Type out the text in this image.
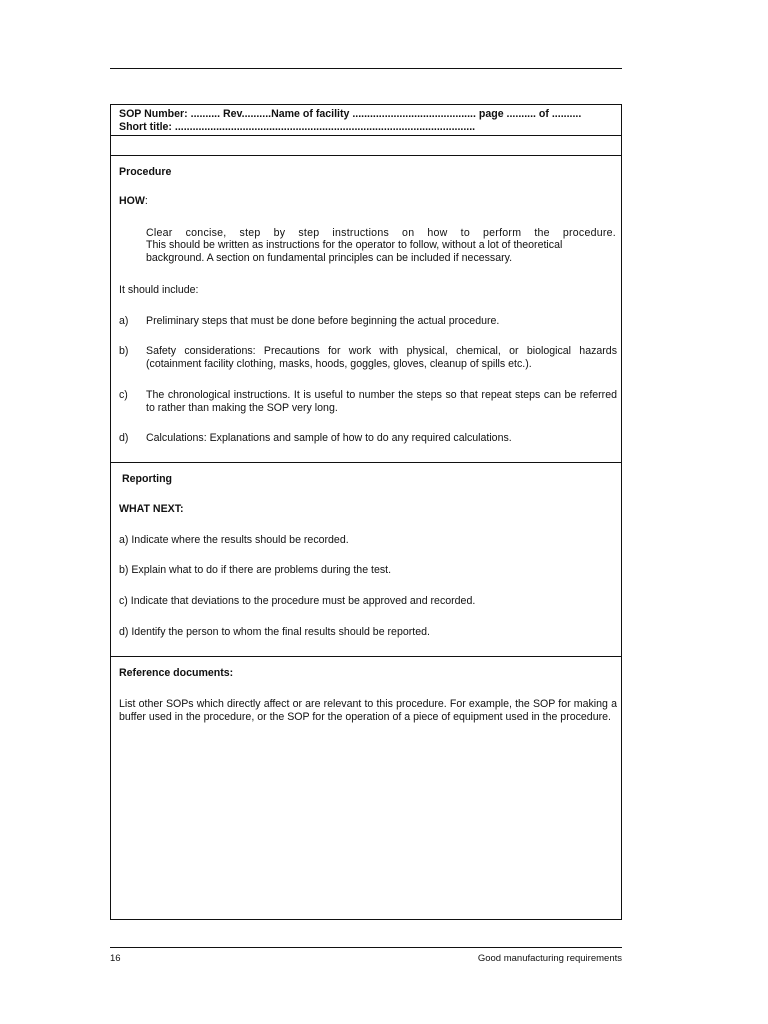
SOP Number: .......... Rev..........Name of facility .......................................... page .......... of ..........
Short title: ......................................................................................................
Procedure
HOW:
Clear concise, step by step instructions on how to perform the procedure.
This should be written as instructions for the operator to follow, without a lot of theoretical background. A section on fundamental principles can be included if necessary.
It should include:
a) Preliminary steps that must be done before beginning the actual procedure.
b) Safety considerations: Precautions for work with physical, chemical, or biological hazards (cotainment facility clothing, masks, hoods, goggles, gloves, cleanup of spills etc.).
c) The chronological instructions. It is useful to number the steps so that repeat steps can be referred to rather than making the SOP very long.
d) Calculations: Explanations and sample of how to do any required calculations.
Reporting
WHAT NEXT:
a) Indicate where the results should be recorded.
b) Explain what to do if there are problems during the test.
c) Indicate that deviations to the procedure must be approved and recorded.
d) Identify the person to whom the final results should be reported.
Reference documents:
List other SOPs which directly affect or are relevant to this procedure. For example, the SOP for making a buffer used in the procedure, or the SOP for the operation of a piece of equipment used in the procedure.
16	Good manufacturing requirements
